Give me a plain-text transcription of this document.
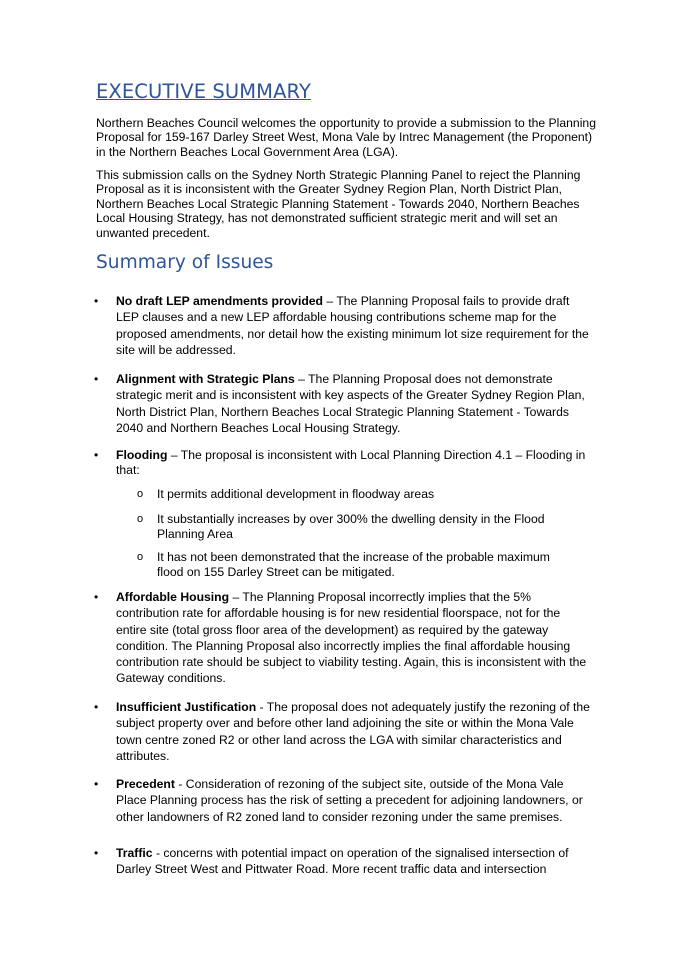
EXECUTIVE SUMMARY

Northern Beaches Council welcomes the opportunity to provide a submission to the Planning Proposal for 159-167 Darley Street West, Mona Vale by Intrec Management (the Proponent) in the Northern Beaches Local Government Area (LGA).

This submission calls on the Sydney North Strategic Planning Panel to reject the Planning Proposal as it is inconsistent with the Greater Sydney Region Plan, North District Plan, Northern Beaches Local Strategic Planning Statement - Towards 2040, Northern Beaches Local Housing Strategy, has not demonstrated sufficient strategic merit and will set an unwanted precedent.

Summary of Issues
• No draft LEP amendments provided – The Planning Proposal fails to provide draft LEP clauses and a new LEP affordable housing contributions scheme map for the proposed amendments, nor detail how the existing minimum lot size requirement for the site will be addressed.
• Alignment with Strategic Plans – The Planning Proposal does not demonstrate strategic merit and is inconsistent with key aspects of the Greater Sydney Region Plan, North District Plan, Northern Beaches Local Strategic Planning Statement - Towards 2040 and Northern Beaches Local Housing Strategy.
• Flooding – The proposal is inconsistent with Local Planning Direction 4.1 – Flooding in that:
o It permits additional development in floodway areas
o It substantially increases by over 300% the dwelling density in the Flood Planning Area
o It has not been demonstrated that the increase of the probable maximum flood on 155 Darley Street can be mitigated.
• Affordable Housing – The Planning Proposal incorrectly implies that the 5% contribution rate for affordable housing is for new residential floorspace, not for the entire site (total gross floor area of the development) as required by the gateway condition. The Planning Proposal also incorrectly implies the final affordable housing contribution rate should be subject to viability testing. Again, this is inconsistent with the Gateway conditions.
• Insufficient Justification - The proposal does not adequately justify the rezoning of the subject property over and before other land adjoining the site or within the Mona Vale town centre zoned R2 or other land across the LGA with similar characteristics and attributes.
• Precedent - Consideration of rezoning of the subject site, outside of the Mona Vale Place Planning process has the risk of setting a precedent for adjoining landowners, or other landowners of R2 zoned land to consider rezoning under the same premises.
• Traffic - concerns with potential impact on operation of the signalised intersection of Darley Street West and Pittwater Road. More recent traffic data and intersection
